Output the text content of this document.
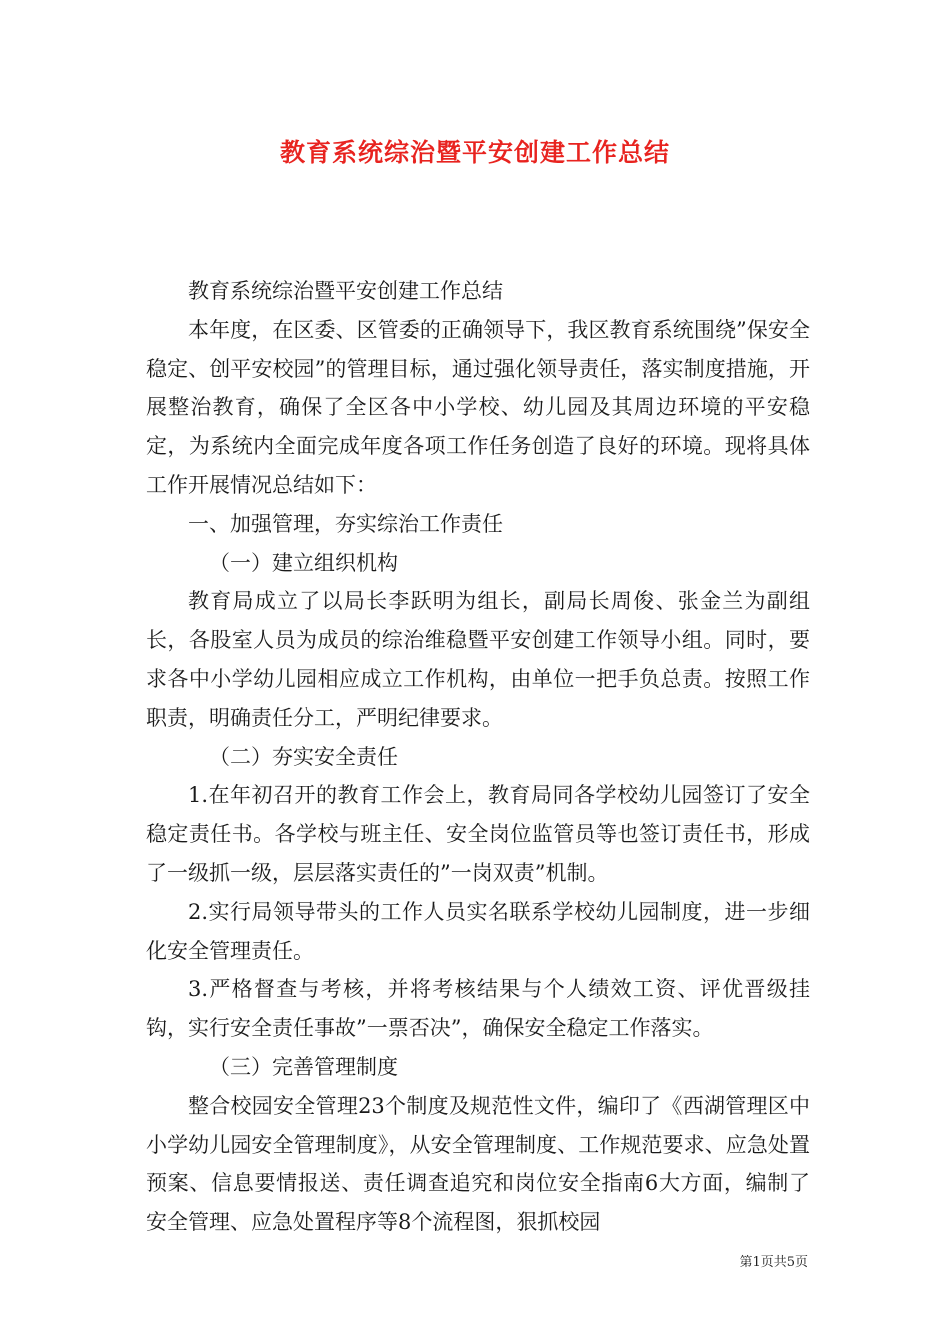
教育系统综治暨平安创建工作总结

教育系统综治暨平安创建工作总结

本年度，在区委、区管委的正确领导下，我区教育系统围绕”保安全稳定、创平安校园”的管理目标，通过强化领导责任，落实制度措施，开展整治教育，确保了全区各中小学校、幼儿园及其周边环境的平安稳定，为系统内全面完成年度各项工作任务创造了良好的环境。现将具体工作开展情况总结如下：

一、加强管理，夯实综治工作责任

（一）建立组织机构

教育局成立了以局长李跃明为组长，副局长周俊、张金兰为副组长，各股室人员为成员的综治维稳暨平安创建工作领导小组。同时，要求各中小学幼儿园相应成立工作机构，由单位一把手负总责。按照工作职责，明确责任分工，严明纪律要求。

（二）夯实安全责任

1.在年初召开的教育工作会上，教育局同各学校幼儿园签订了安全稳定责任书。各学校与班主任、安全岗位监管员等也签订责任书，形成了一级抓一级，层层落实责任的”一岗双责”机制。

2.实行局领导带头的工作人员实名联系学校幼儿园制度，进一步细化安全管理责任。

3.严格督查与考核，并将考核结果与个人绩效工资、评优晋级挂钩，实行安全责任事故”一票否决”，确保安全稳定工作落实。

（三）完善管理制度

整合校园安全管理23个制度及规范性文件，编印了《西湖管理区中小学幼儿园安全管理制度》，从安全管理制度、工作规范要求、应急处置预案、信息要情报送、责任调查追究和岗位安全指南6大方面，编制了安全管理、应急处置程序等8个流程图，狠抓校园

第1页共5页
